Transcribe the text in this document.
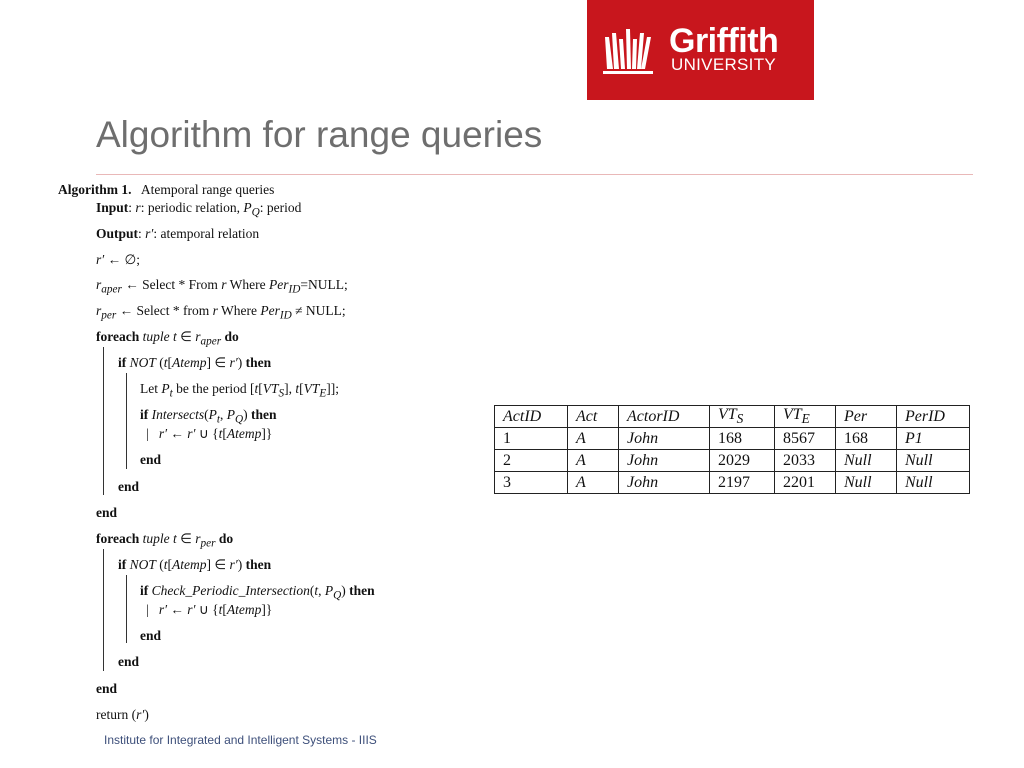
Griffith
UNIVERSITY
Algorithm for range queries
Algorithm 1. Atemporal range queries
Input: r: periodic relation, $P_Q$: period
Output: r′: atemporal relation
r′ ← ∅;
$r_{aper}$ ← Select * From r Where Per$_{ID}$=NULL;
$r_{per}$ ← Select * from r Where Per$_{ID}$ ≠ NULL;
foreach tuple t ∈ $r_{aper}$ do
if NOT (t[Atemp] ∈ r′) then
Let $P_t$ be the period [$t[VT_S]$, $t[VT_E]$];
if $Intersects(P_t$, $P_Q$) then
|   r′ ← r′ ∪ {t[Atemp]}
end
end
end
foreach tuple t ∈ $r_{per}$ do
if NOT (t[Atemp] ∈ r′) then
if Check_Periodic_Intersection(t, $P_Q$) then
|   r′ ← r′ ∪ {t[Atemp]}
end
end
end
return (r′)
ActID	Act	ActorID	$VT_S$	$VT_E$	Per	PerID
1	A	John	168	8567	168	P1
2	A	John	2029	2033	Null	Null
3	A	John	2197	2201	Null	Null
Institute for Integrated and Intelligent Systems - IIIS
